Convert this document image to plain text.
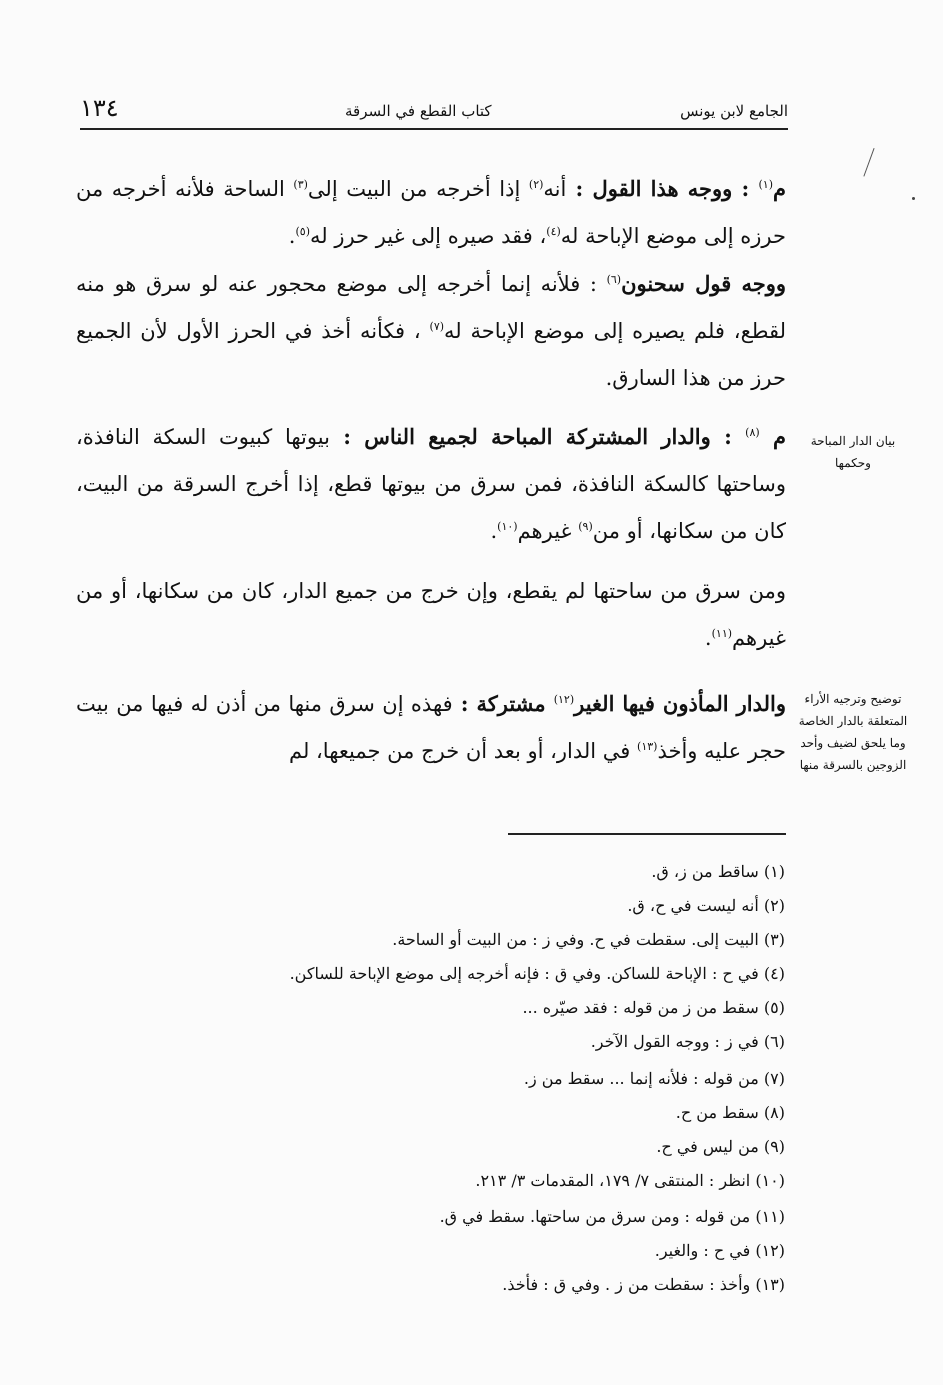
الجامع لابن يونس
كتاب القطع في السرقة
١٣٤
م$^{(١)}$ : ووجه هذا القول : أنه$^{(٢)}$ إذا أخرجه من البيت إلى$^{(٣)}$ الساحة فلأنه أخرجه من حرزه إلى موضع الإباحة له$^{(٤)}$، فقد صيره إلى غير حرز له$^{(٥)}$.
ووجه قول سحنون$^{(٦)}$ : فلأنه إنما أخرجه إلى موضع محجور عنه لو سرق هو منه لقطع، فلم يصيره إلى موضع الإباحة له$^{(٧)}$ ، فكأنه أخذ في الحرز الأول لأن الجميع حرز من هذا السارق.
م $^{(٨)}$ : والدار المشتركة المباحة لجميع الناس : بيوتها كبيوت السكة النافذة، وساحتها كالسكة النافذة، فمن سرق من بيوتها قطع، إذا أخرج السرقة من البيت، كان من سكانها، أو من$^{(٩)}$ غيرهم$^{(١٠)}$.
ومن سرق من ساحتها لم يقطع، وإن خرج من جميع الدار، كان من سكانها، أو من غيرهم$^{(١١)}$.
والدار المأذون فيها الغير$^{(١٢)}$ مشتركة : فهذه إن سرق منها من أذن له فيها من بيت حجر عليه وأخذ$^{(١٣)}$ في الدار، أو بعد أن خرج من جميعها، لم
بيان الدار المباحة وحكمها
توضيح وترجيه الأراء المتعلقة بالدار الخاصة وما يلحق لضيف وأحد الزوجين بالسرقة منها
(١) ساقط من ز، ق.
(٢) أنه ليست في ح، ق.
(٣) البيت إلى. سقطت في ح. وفي ز : من البيت أو الساحة.
(٤) في ح : الإباحة للساكن. وفي ق : فإنه أخرجه إلى موضع الإباحة للساكن.
(٥) سقط من ز من قوله : فقد صيّره ...
(٦) في ز : ووجه القول الآخر.
(٧) من قوله : فلأنه إنما ... سقط من ز.
(٨) سقط من ح.
(٩) من ليس في ح.
(١٠) انظر : المنتقى ٧/ ١٧٩، المقدمات ٣/ ٢١٣.
(١١) من قوله : ومن سرق من ساحتها. سقط في ق.
(١٢) في ح : والغير.
(١٣) وأخذ : سقطت من ز . وفي ق : فأخذ.
